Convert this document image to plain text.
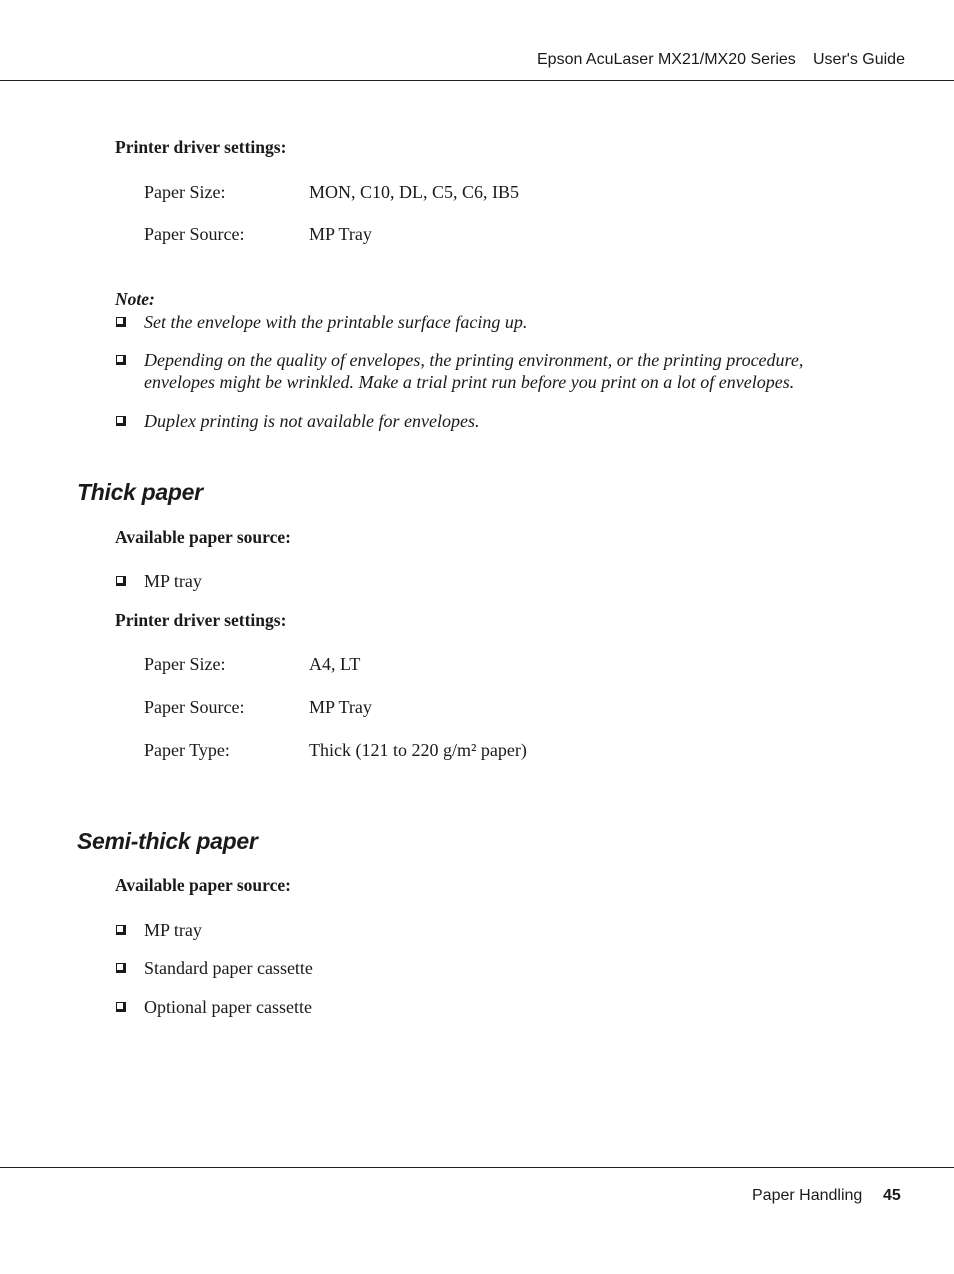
Epson AcuLaser MX21/MX20 Series User's Guide
Printer driver settings:
Paper Size:	MON, C10, DL, C5, C6, IB5
Paper Source:	MP Tray
Note:
Set the envelope with the printable surface facing up.
Depending on the quality of envelopes, the printing environment, or the printing procedure,
envelopes might be wrinkled. Make a trial print run before you print on a lot of envelopes.
Duplex printing is not available for envelopes.
Thick paper
Available paper source:
MP tray
Printer driver settings:
Paper Size:	A4, LT
Paper Source:	MP Tray
Paper Type:	Thick (121 to 220 g/m² paper)
Semi-thick paper
Available paper source:
MP tray
Standard paper cassette
Optional paper cassette
Paper Handling 45
